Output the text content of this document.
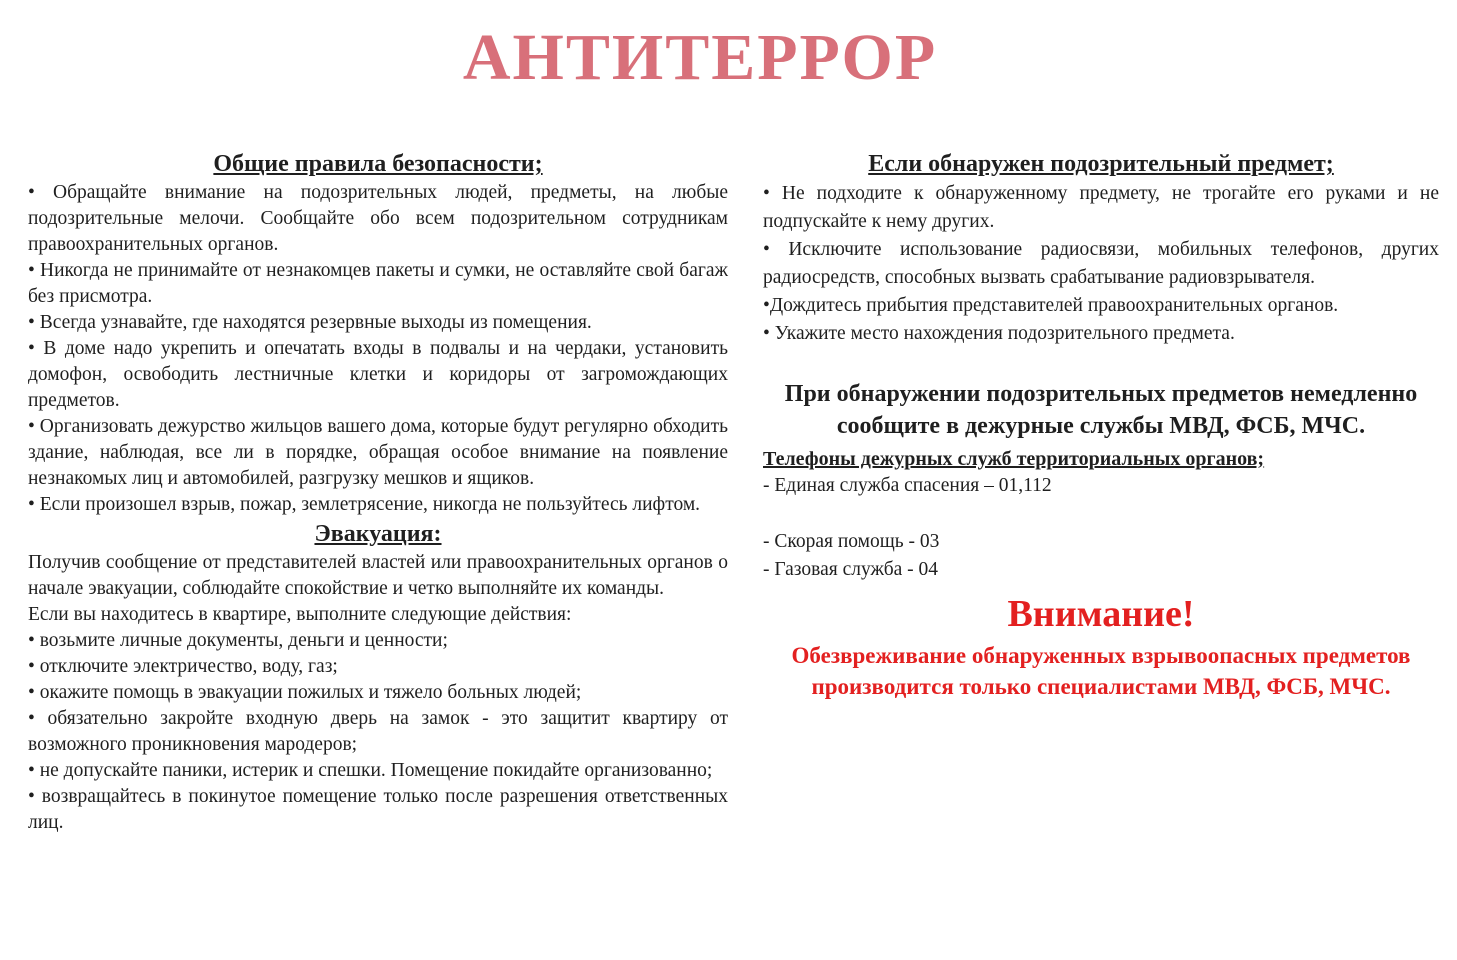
АНТИТЕРРОР
Общие правила безопасности;

• Обращайте внимание на подозрительных людей, предметы, на любые подозрительные мелочи. Сообщайте обо всем подозрительном сотрудникам правоохранительных органов.

• Никогда не принимайте от незнакомцев пакеты и сумки, не оставляйте свой багаж без присмотра.

• Всегда узнавайте, где находятся резервные выходы из помещения.

• В доме надо укрепить и опечатать входы в подвалы и на чердаки, установить домофон, освободить лестничные клетки и коридоры от загромождающих предметов.

• Организовать дежурство жильцов вашего дома, которые будут регулярно обходить здание, наблюдая, все ли в порядке, обращая особое внимание на появление незнакомых лиц и автомобилей, разгрузку мешков и ящиков.

• Если произошел взрыв, пожар, землетрясение, никогда не пользуйтесь лифтом.

Эвакуация:

Получив сообщение от представителей властей или правоохранительных органов о начале эвакуации, соблюдайте спокойствие и четко выполняйте их команды.

Если вы находитесь в квартире, выполните следующие действия:

• возьмите личные документы, деньги и ценности;

• отключите электричество, воду, газ;

• окажите помощь в эвакуации пожилых и тяжело больных людей;

• обязательно закройте входную дверь на замок - это защитит квартиру от возможного проникновения мародеров;

• не допускайте паники, истерик и спешки. Помещение покидайте организованно;

• возвращайтесь в покинутое помещение только после разрешения ответственных лиц.

Если обнаружен подозрительный предмет;

• Не подходите к обнаруженному предмету, не трогайте его руками и не подпускайте к нему других.

• Исключите использование радиосвязи, мобильных телефонов, других радиосредств, способных вызвать срабатывание радиовзрывателя.

•Дождитесь прибытия представителей правоохранительных органов.

• Укажите место нахождения подозрительного предмета.

При обнаружении подозрительных предметов немедленно сообщите в дежурные службы МВД, ФСБ, МЧС.
Телефоны дежурных служб территориальных органов;

- Единая служба спасения – 01,112

- Скорая помощь - 03

- Газовая служба - 04

Внимание!
Обезвреживание обнаруженных взрывоопасных предметов производится только специалистами МВД, ФСБ, МЧС.
